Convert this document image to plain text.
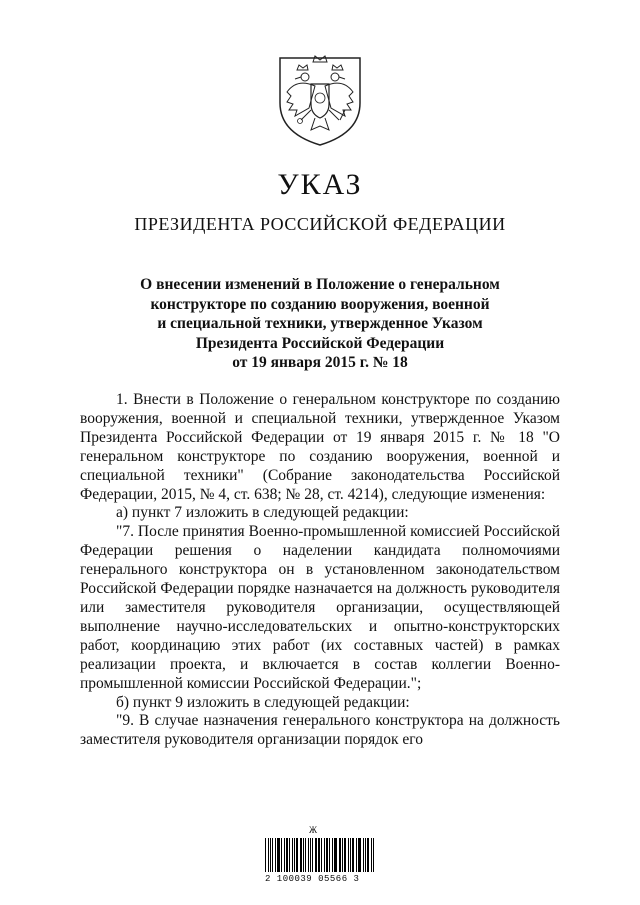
УКАЗ
ПРЕЗИДЕНТА РОССИЙСКОЙ ФЕДЕРАЦИИ
О внесении изменений в Положение о генеральном
конструкторе по созданию вооружения, военной
и специальной техники, утвержденное Указом
Президента Российской Федерации
от 19 января 2015 г. № 18

1. Внести в Положение о генеральном конструкторе по созданию вооружения, военной и специальной техники, утвержденное Указом Президента Российской Федерации от 19 января 2015 г. № 18 "О генеральном конструкторе по созданию вооружения, военной и специальной техники" (Собрание законодательства Российской Федерации, 2015, № 4, ст. 638; № 28, ст. 4214), следующие изменения:

а) пункт 7 изложить в следующей редакции:

"7. После принятия Военно-промышленной комиссией Российской Федерации решения о наделении кандидата полномочиями генерального конструктора он в установленном законодательством Российской Федерации порядке назначается на должность руководителя или заместителя руководителя организации, осуществляющей выполнение научно-исследовательских и опытно-конструкторских работ, координацию этих работ (их составных частей) в рамках реализации проекта, и включается в состав коллегии Военно-промышленной комиссии Российской Федерации.";

б) пункт 9 изложить в следующей редакции:

"9. В случае назначения генерального конструктора на должность заместителя руководителя организации порядок его

Ж
2 100039 05566 3
